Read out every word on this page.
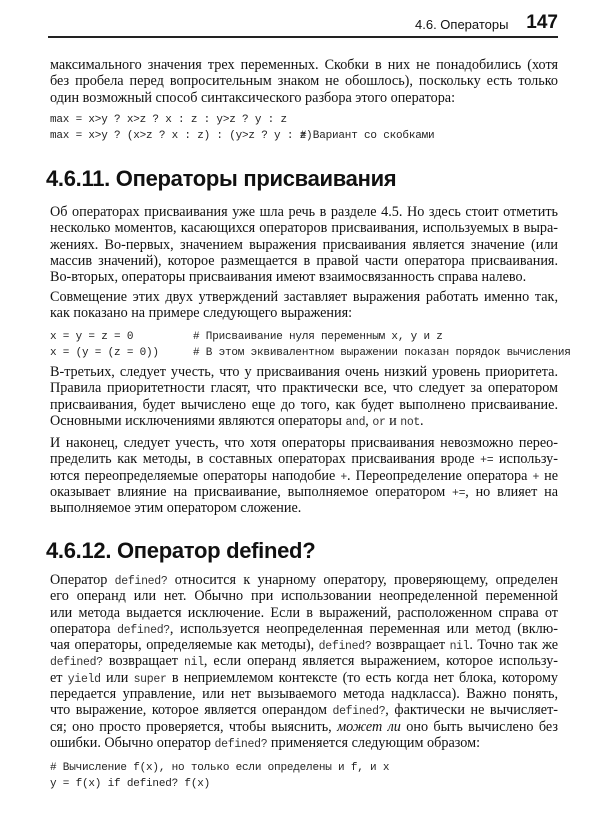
4.6. Операторы 147
максимального значения трех переменных. Скобки в них не понадобились (хотя
без пробела перед вопросительным знаком не обошлось), поскольку есть только
один возможный способ синтаксического разбора этого оператора:
max = x>y ? x>z ? x : z : y>z ? y : z
max = x>y ? (x>z ? x : z) : (y>z ? y : z)
# Вариант со скобками
4.6.11. Операторы присваивания
Об операторах присваивания уже шла речь в разделе 4.5. Но здесь стоит отметить
несколько моментов, касающихся операторов присваивания, используемых в выра-
жениях. Во-первых, значением выражения присваивания является значение (или
массив значений), которое размещается в правой части оператора присваивания.
Во-вторых, операторы присваивания имеют взаимосвязанность справа налево.
Совмещение этих двух утверждений заставляет выражения работать именно так,
как показано на примере следующего выражения:
x = y = z = 0	# Присваивание нуля переменным x, y и z
x = (y = (z = 0))	# В этом эквивалентном выражении показан порядок вычисления
В-третьих, следует учесть, что у присваивания очень низкий уровень приоритета.
Правила приоритетности гласят, что практически все, что следует за оператором
присваивания, будет вычислено еще до того, как будет выполнено присваивание.
Основными исключениями являются операторы and, or и not.
И наконец, следует учесть, что хотя операторы присваивания невозможно перео-
пределить как методы, в составных операторах присваивания вроде += использу-
ются переопределяемые операторы наподобие +. Переопределение оператора + не
оказывает влияние на присваивание, выполняемое оператором +=, но влияет на
выполняемое этим оператором сложение.
4.6.12. Оператор defined?
Оператор defined? относится к унарному оператору, проверяющему, определен
его операнд или нет. Обычно при использовании неопределенной переменной
или метода выдается исключение. Если в выражений, расположенном справа от
оператора defined?, используется неопределенная переменная или метод (вклю-
чая операторы, определяемые как методы), defined? возвращает nil. Точно так же
defined? возвращает nil, если операнд является выражением, которое использу-
ет yield или super в неприемлемом контексте (то есть когда нет блока, которому
передается управление, или нет вызываемого метода надкласса). Важно понять,
что выражение, которое является операндом defined?, фактически не вычисляет-
ся; оно просто проверяется, чтобы выяснить, может ли оно быть вычислено без
ошибки. Обычно оператор defined? применяется следующим образом:
# Вычисление f(x), но только если определены и f, и x
y = f(x) if defined? f(x)
